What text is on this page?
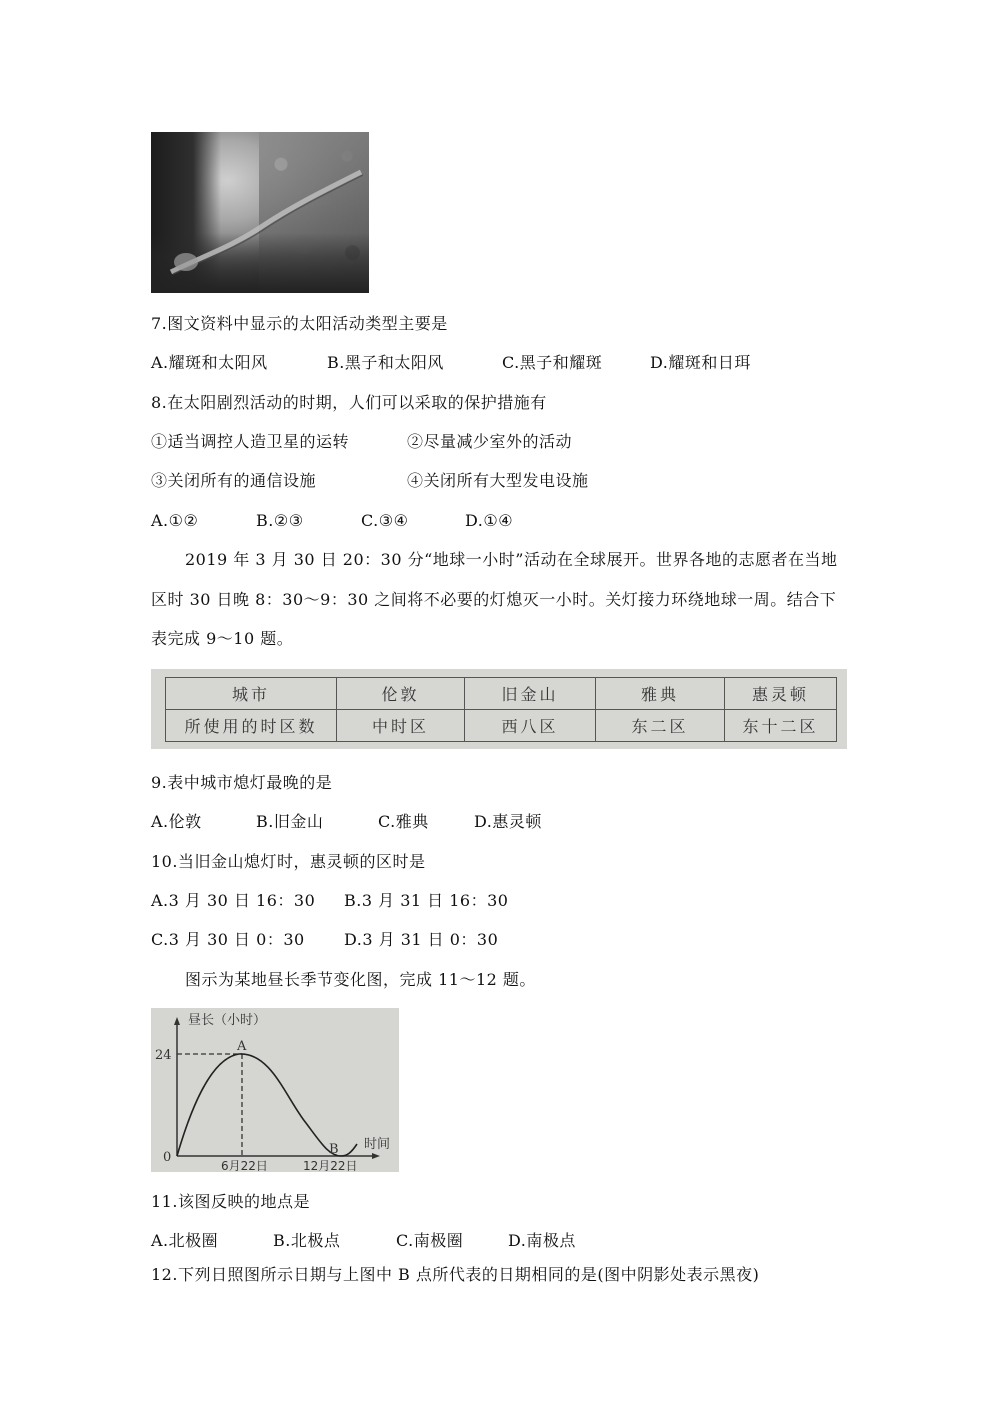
7.图文资料中显示的太阳活动类型主要是
A.耀斑和太阳风	B.黑子和太阳风	C.黑子和耀斑	D.耀斑和日珥
8.在太阳剧烈活动的时期，人们可以采取的保护措施有
①适当调控人造卫星的运转	②尽量减少室外的活动
③关闭所有的通信设施	④关闭所有大型发电设施
A.①②	B.②③	C.③④	D.①④
2019 年 3 月 30 日 20：30 分“地球一小时”活动在全球展开。世界各地的志愿者在当地
区时 30 日晚 8：30～9：30 之间将不必要的灯熄灭一小时。关灯接力环绕地球一周。结合下
表完成 9～10 题。
城市	伦敦	旧金山	雅典	惠灵顿
所使用的时区数	中时区	西八区	东二区	东十二区
9.表中城市熄灯最晚的是
A.伦敦	B.旧金山	C.雅典	D.惠灵顿
10.当旧金山熄灯时，惠灵顿的区时是
A.3 月 30 日 16：30 B.3 月 31 日 16：30
C.3 月 30 日 0：30 D.3 月 31 日 0：30
图示为某地昼长季节变化图，完成 11～12 题。
昼长（小时）
24
0
A
B 时间
6月22日	12月22日
11.该图反映的地点是
A.北极圈	B.北极点	C.南极圈	D.南极点
12.下列日照图所示日期与上图中 B 点所代表的日期相同的是(图中阴影处表示黑夜)
